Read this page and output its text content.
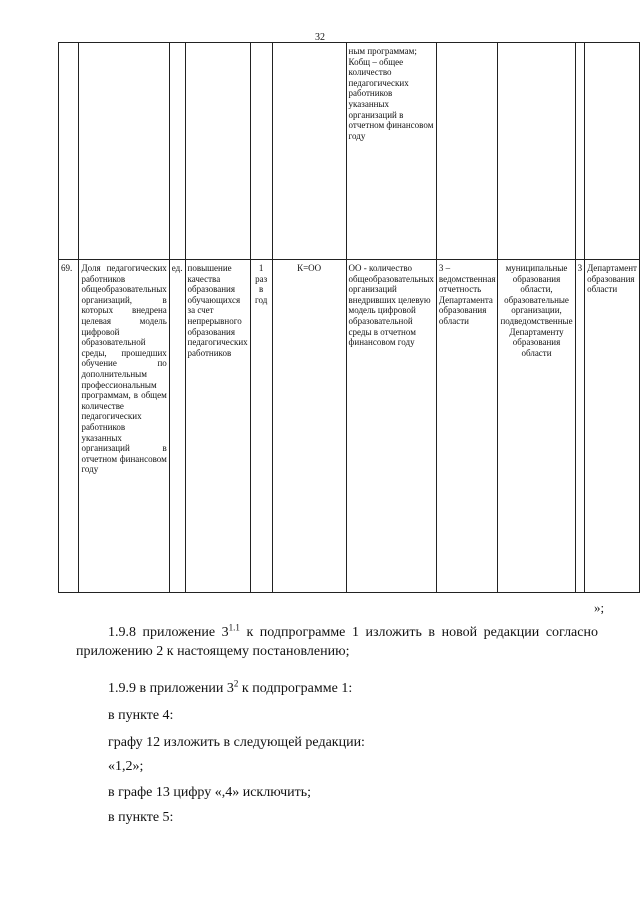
32
						ным программам; Кобщ – общее количество педагогических работников указанных организаций в отчетном финансовом году				
69.	Доля педагогических работников общеобразовательных организаций, в которых внедрена целевая модель цифровой образовательной среды, прошедших обучение по дополнительным профессиональным программам, в общем количестве педагогических работников указанных организаций в отчетном финансовом году	ед.	повышение качества образования обучающихся за счет непрерывного образования педагогических работников	1 раз в год	К=ОО	ОО - количество общеобразовательных организаций внедривших целевую модель цифровой образовательной среды в отчетном финансовом году	3 – ведомственная отчетность Департамента образования области	муниципальные образования области, образовательные организации, подведомственные Департаменту образования области	3	Департамент образования области
»;
1.9.8 приложение $3^{1.1}$ к подпрограмме 1 изложить в новой редакции согласно приложению 2 к настоящему постановлению;
1.9.9 в приложении $3^2$ к подпрограмме 1:
в пункте 4:
графу 12 изложить в следующей редакции:
«1,2»;
в графе 13 цифру «,4» исключить;
в пункте 5:
